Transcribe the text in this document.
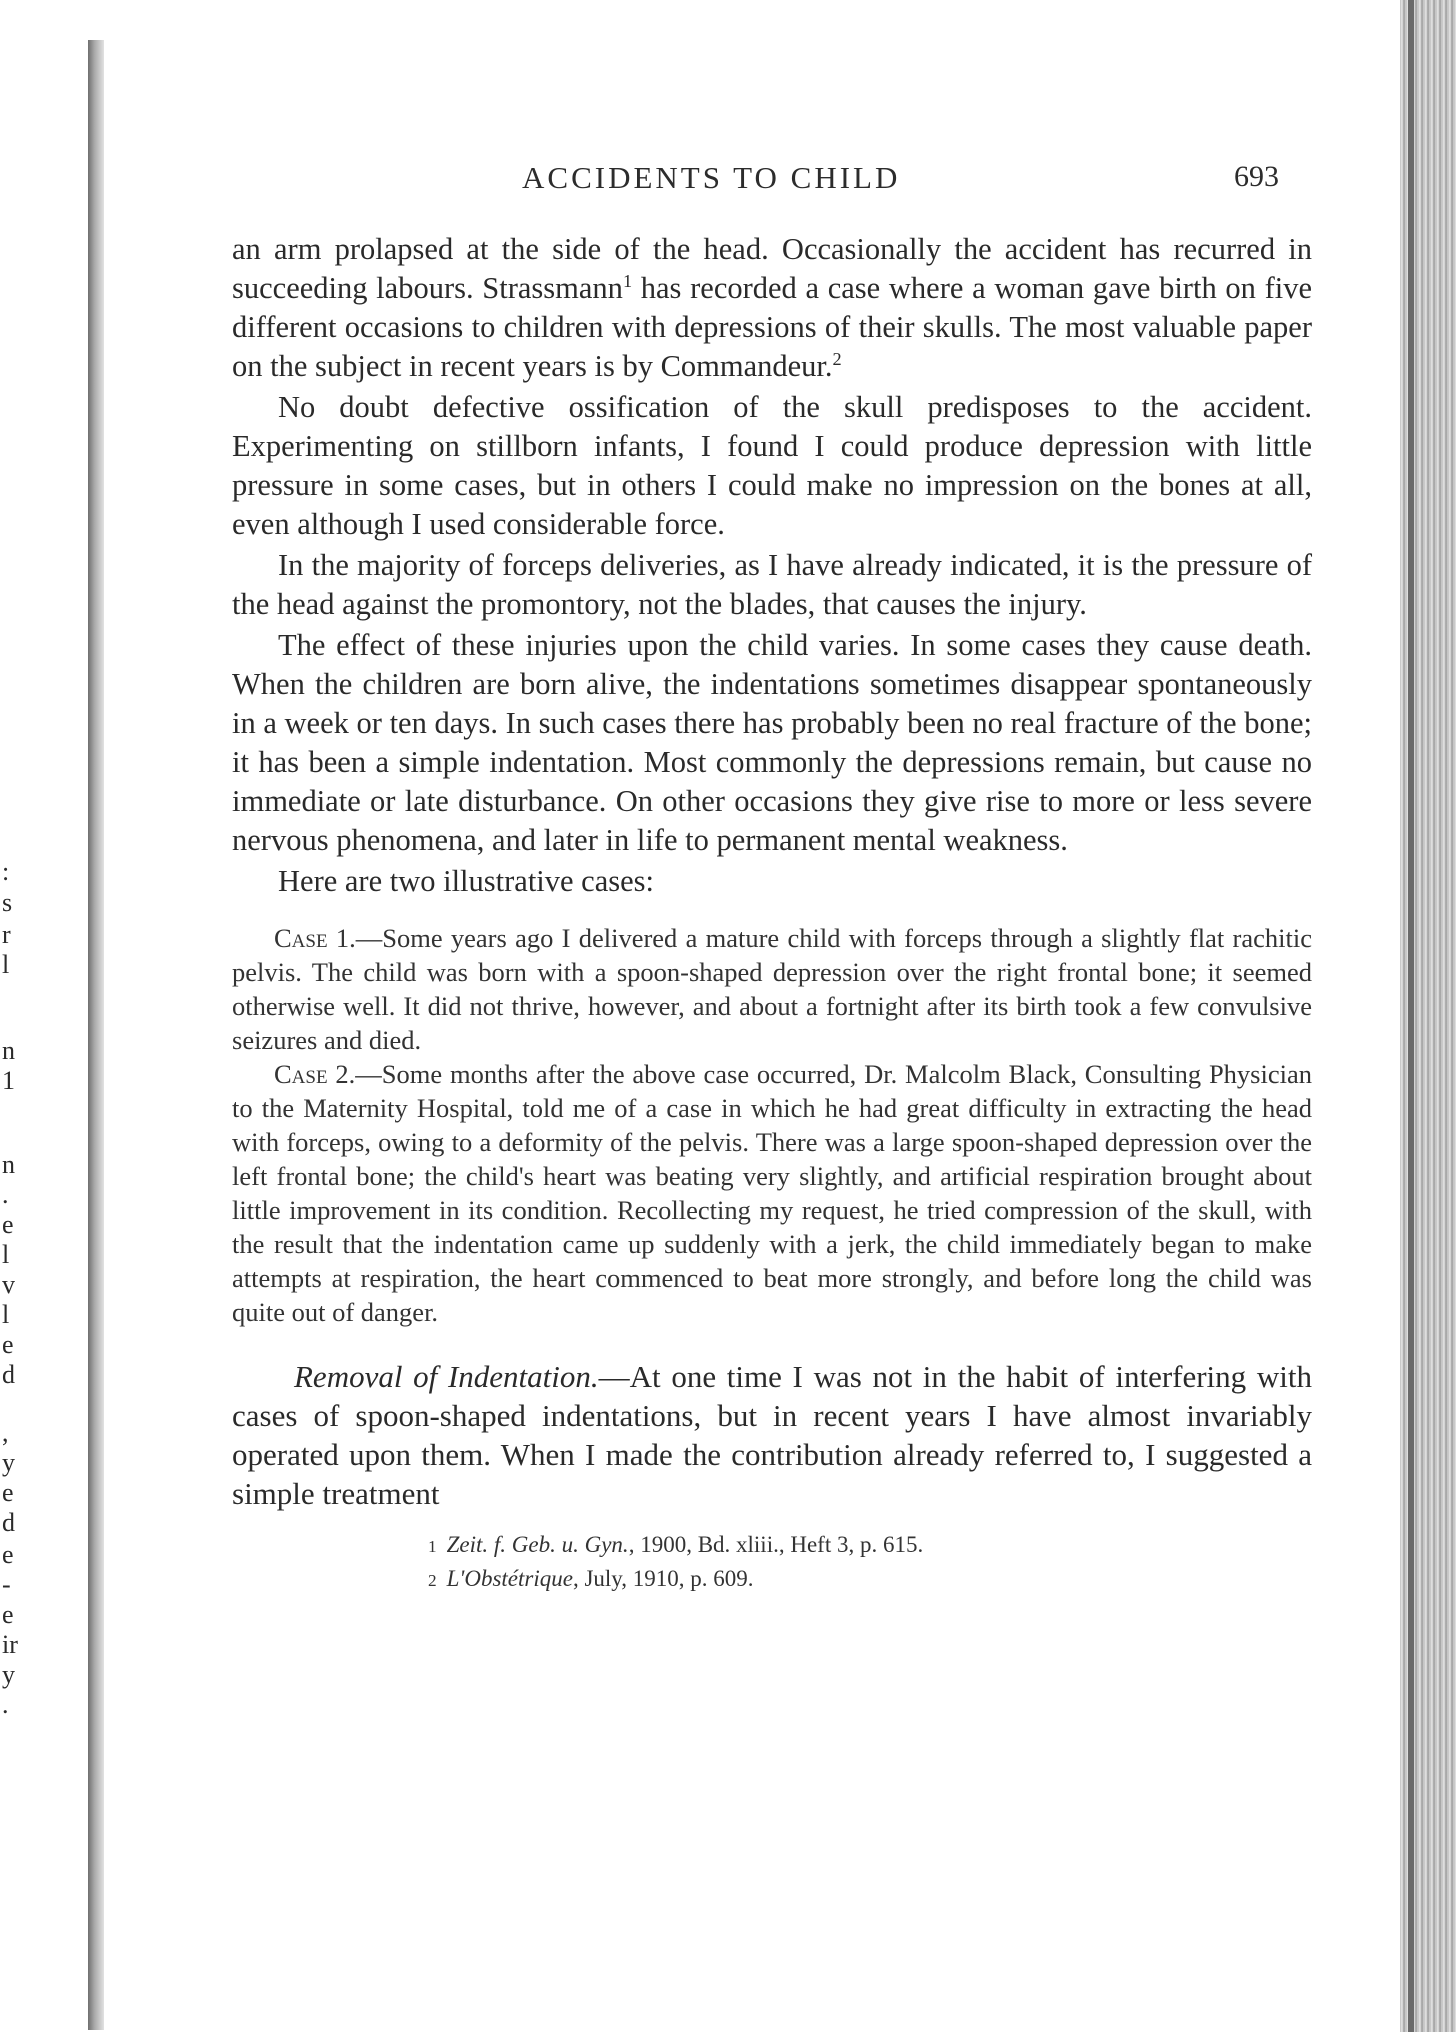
:
s
r
l
n
1
n
.
e
l
v
l
e
d
,
y
e
d
e
-
e
ir
y
.
ACCIDENTS TO CHILD	693

an arm prolapsed at the side of the head. Occasionally the accident has recurred in succeeding labours. Strassmann$^1$ has recorded a case where a woman gave birth on five different occasions to children with depressions of their skulls. The most valuable paper on the subject in recent years is by Commandeur.$^2$

No doubt defective ossification of the skull predisposes to the accident. Experimenting on stillborn infants, I found I could produce depression with little pressure in some cases, but in others I could make no impression on the bones at all, even although I used considerable force.

In the majority of forceps deliveries, as I have already indicated, it is the pressure of the head against the promontory, not the blades, that causes the injury.

The effect of these injuries upon the child varies. In some cases they cause death. When the children are born alive, the indentations sometimes disappear spontaneously in a week or ten days. In such cases there has probably been no real fracture of the bone; it has been a simple indentation. Most commonly the depressions remain, but cause no immediate or late disturbance. On other occasions they give rise to more or less severe nervous phenomena, and later in life to permanent mental weakness.

Here are two illustrative cases:

Case 1.—Some years ago I delivered a mature child with forceps through a slightly flat rachitic pelvis. The child was born with a spoon-shaped depression over the right frontal bone; it seemed otherwise well. It did not thrive, however, and about a fortnight after its birth took a few convulsive seizures and died.

Case 2.—Some months after the above case occurred, Dr. Malcolm Black, Consulting Physician to the Maternity Hospital, told me of a case in which he had great difficulty in extracting the head with forceps, owing to a deformity of the pelvis. There was a large spoon-shaped depression over the left frontal bone; the child's heart was beating very slightly, and artificial respiration brought about little improvement in its condition. Recollecting my request, he tried compression of the skull, with the result that the indentation came up suddenly with a jerk, the child immediately began to make attempts at respiration, the heart commenced to beat more strongly, and before long the child was quite out of danger.

Removal of Indentation.—At one time I was not in the habit of interfering with cases of spoon-shaped indentations, but in recent years I have almost invariably operated upon them. When I made the contribution already referred to, I suggested a simple treatment

1 Zeit. f. Geb. u. Gyn., 1900, Bd. xliii., Heft 3, p. 615.
2 L'Obstétrique, July, 1910, p. 609.
